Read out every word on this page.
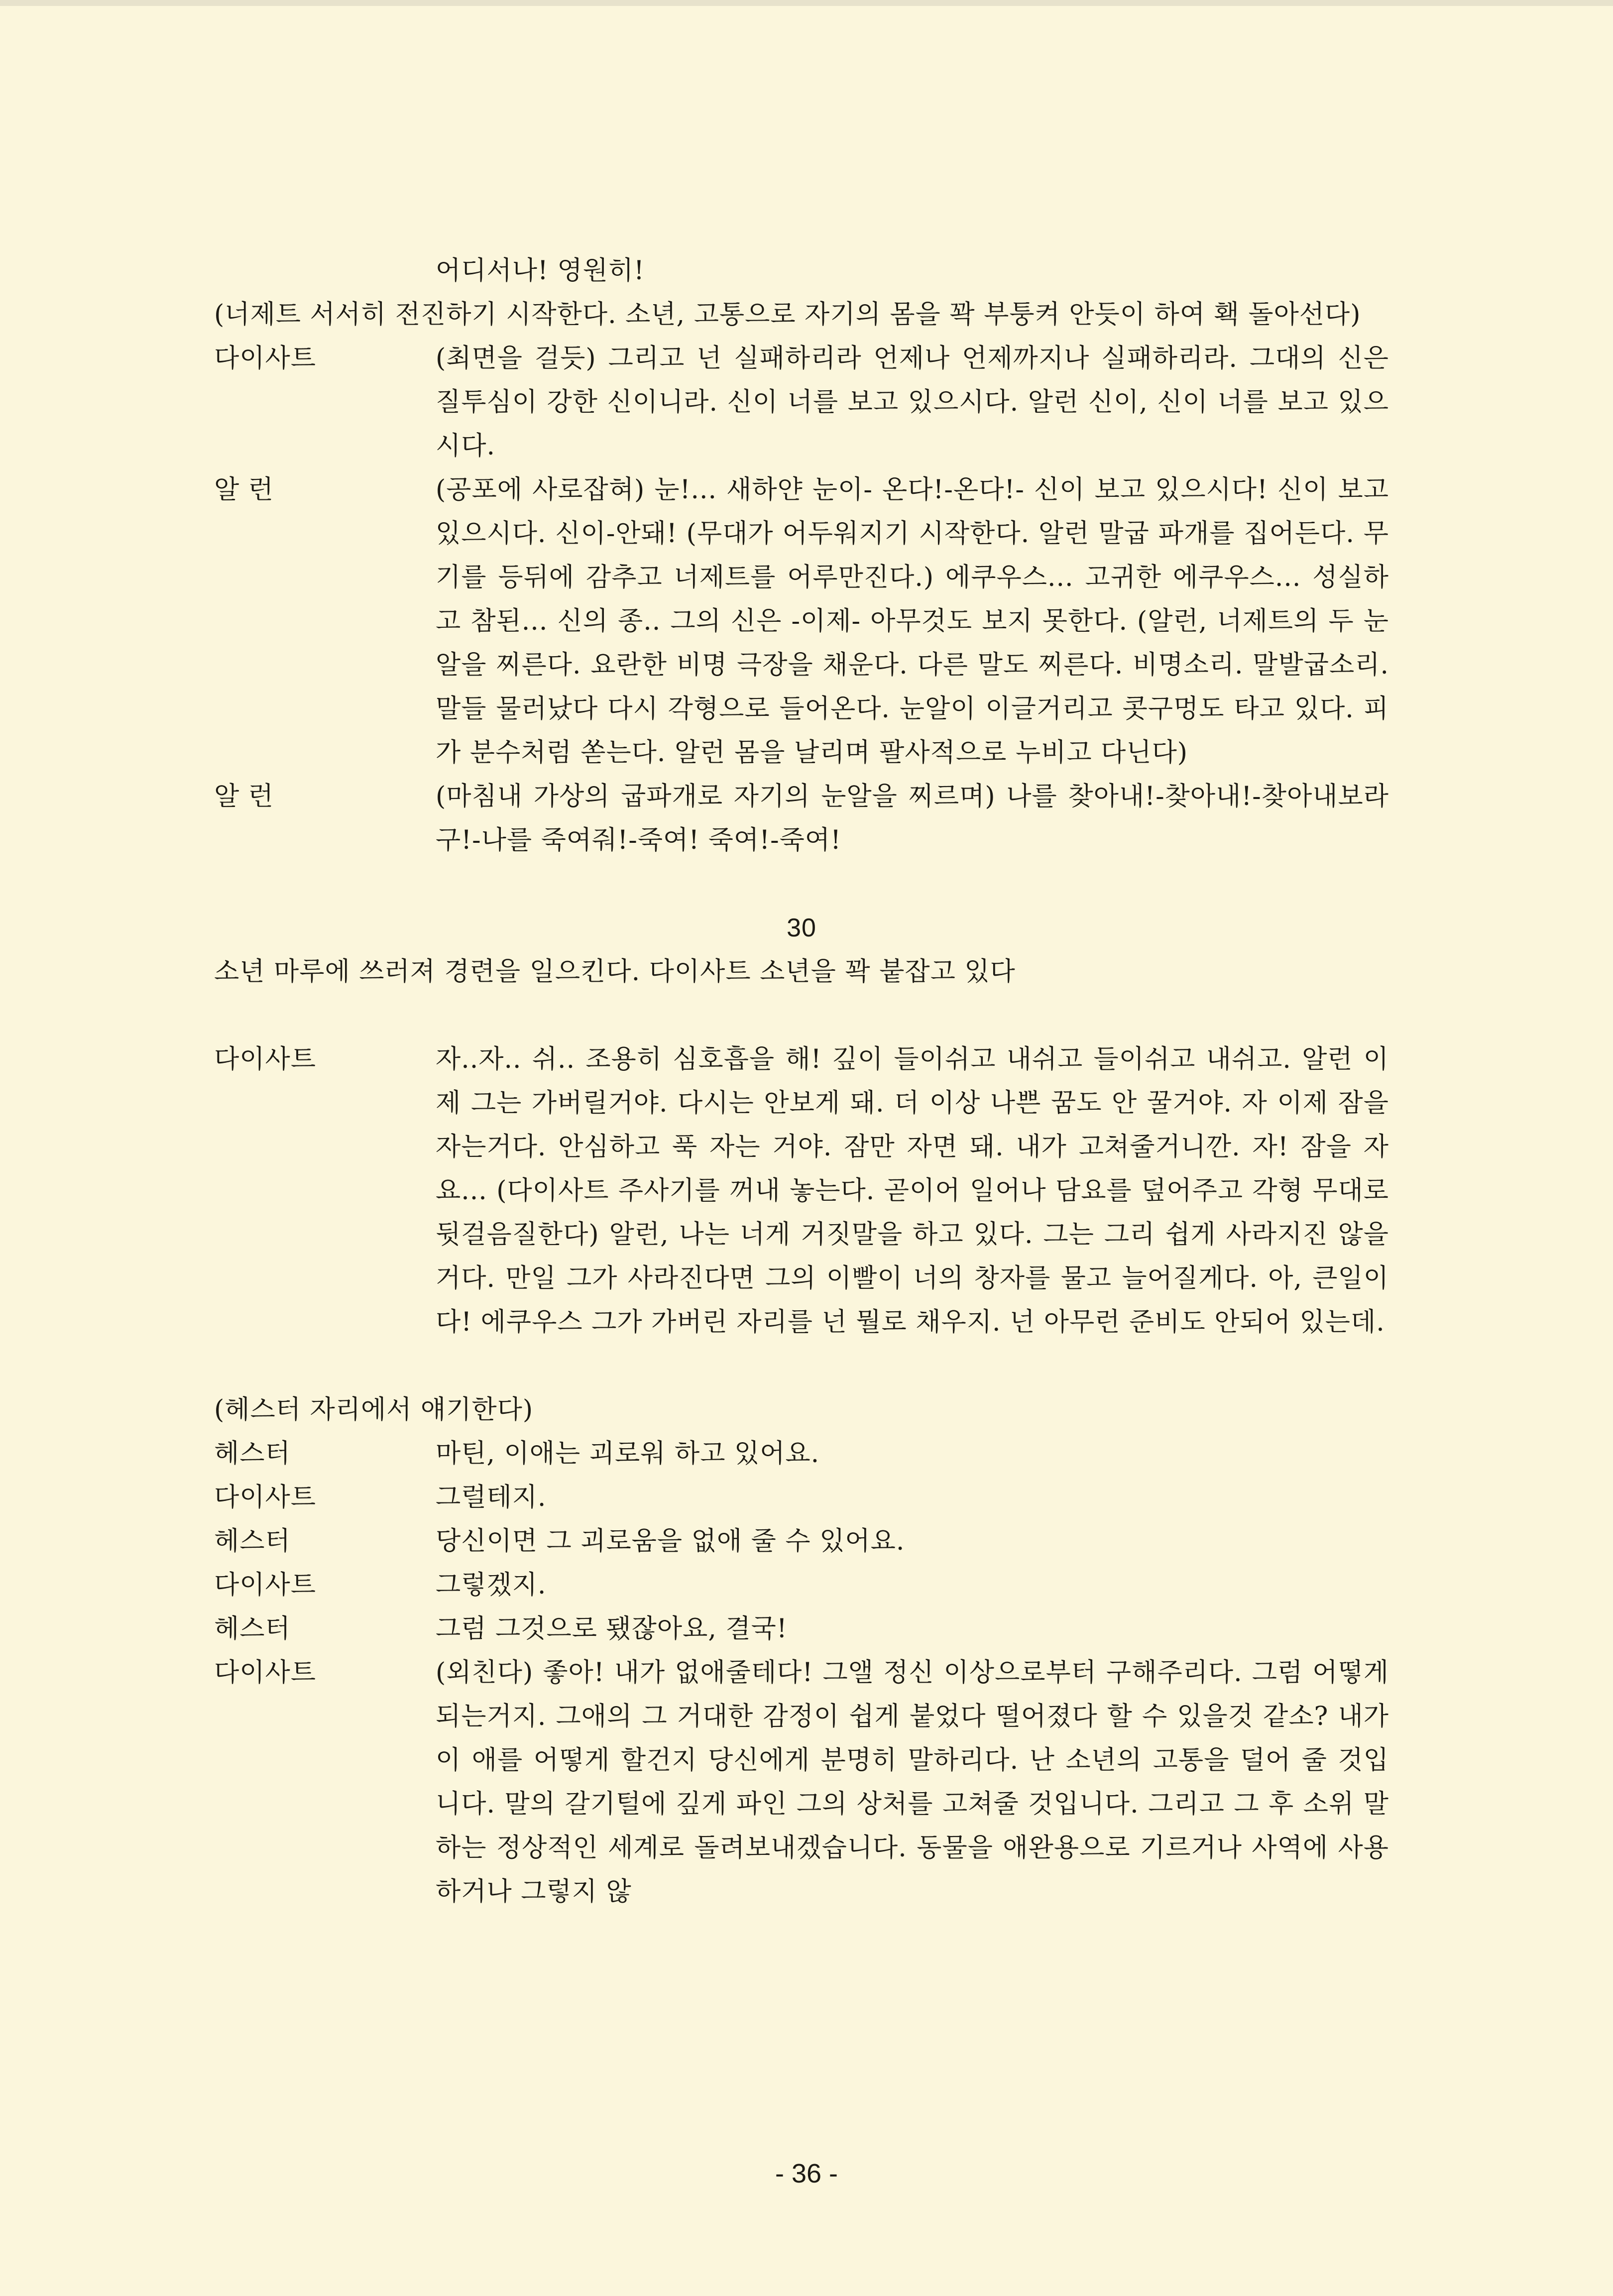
어디서나! 영원히!
(너제트 서서히 전진하기 시작한다. 소년, 고통으로 자기의 몸을 꽉 부퉁켜 안듯이 하여 홱 돌아선다)
다이사트	(최면을 걸듯) 그리고 넌 실패하리라 언제나 언제까지나 실패하리라. 그대의 신은 질투심이 강한 신이니라. 신이 너를 보고 있으시다. 알런 신이, 신이 너를 보고 있으시다.
알 런	(공포에 사로잡혀) 눈!... 새하얀 눈이- 온다!-온다!- 신이 보고 있으시다! 신이 보고 있으시다. 신이-안돼! (무대가 어두워지기 시작한다. 알런 말굽 파개를 집어든다. 무기를 등뒤에 감추고 너제트를 어루만진다.) 에쿠우스... 고귀한 에쿠우스... 성실하고 참된... 신의 종.. 그의 신은 -이제- 아무것도 보지 못한다. (알런, 너제트의 두 눈알을 찌른다. 요란한 비명 극장을 채운다. 다른 말도 찌른다. 비명소리. 말발굽소리. 말들 물러났다 다시 각형으로 들어온다. 눈알이 이글거리고 콧구멍도 타고 있다. 피가 분수처럼 쏟는다. 알런 몸을 날리며 팔사적으로 누비고 다닌다)
알 런	(마침내 가상의 굽파개로 자기의 눈알을 찌르며) 나를 찾아내!-찾아내!-찾아내보라구!-나를 죽여줘!-죽여! 죽여!-죽여!
30
소년 마루에 쓰러져 경련을 일으킨다. 다이사트 소년을 꽉 붙잡고 있다
다이사트	자..자.. 쉬.. 조용히 심호흡을 해! 깊이 들이쉬고 내쉬고 들이쉬고 내쉬고. 알런 이제 그는 가버릴거야. 다시는 안보게 돼. 더 이상 나쁜 꿈도 안 꿀거야. 자 이제 잠을 자는거다. 안심하고 푹 자는 거야. 잠만 자면 돼. 내가 고쳐줄거니깐. 자! 잠을 자요... (다이사트 주사기를 꺼내 놓는다. 곧이어 일어나 담요를 덮어주고 각형 무대로 뒷걸음질한다) 알런, 나는 너게 거짓말을 하고 있다. 그는 그리 쉽게 사라지진 않을거다. 만일 그가 사라진다면 그의 이빨이 너의 창자를 물고 늘어질게다. 아, 큰일이다! 에쿠우스 그가 가버린 자리를 넌 뭘로 채우지. 넌 아무런 준비도 안되어 있는데.
(헤스터 자리에서 얘기한다)
헤스터	마틴, 이애는 괴로워 하고 있어요.
다이사트	그럴테지.
헤스터	당신이면 그 괴로움을 없애 줄 수 있어요.
다이사트	그렇겠지.
헤스터	그럼 그것으로 됐잖아요, 결국!
다이사트	(외친다) 좋아! 내가 없애줄테다! 그앨 정신 이상으로부터 구해주리다. 그럼 어떻게 되는거지. 그애의 그 거대한 감정이 쉽게 붙었다 떨어졌다 할 수 있을것 같소? 내가 이 애를 어떻게 할건지 당신에게 분명히 말하리다. 난 소년의 고통을 덜어 줄 것입니다. 말의 갈기털에 깊게 파인 그의 상처를 고쳐줄 것입니다. 그리고 그 후 소위 말하는 정상적인 세계로 돌려보내겠습니다. 동물을 애완용으로 기르거나 사역에 사용 하거나 그렇지 않
- 36 -
